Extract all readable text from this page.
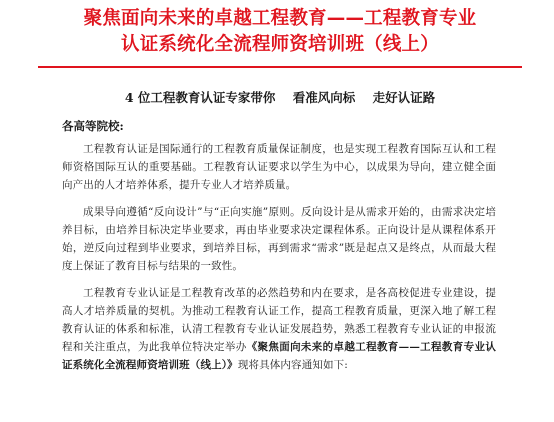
聚焦面向未来的卓越工程教育——工程教育专业
认证系统化全流程师资培训班（线上）
4 位工程教育认证专家带你    看准风向标    走好认证路
各高等院校:

工程教育认证是国际通行的工程教育质量保证制度，也是实现工程教育国际互认和工程师资格国际互认的重要基础。工程教育认证要求以学生为中心，以成果为导向，建立健全面向产出的人才培养体系，提升专业人才培养质量。

成果导向遵循“反向设计”与“正向实施”原则。反向设计是从需求开始的，由需求决定培养目标，由培养目标决定毕业要求，再由毕业要求决定课程体系。正向设计是从课程体系开始，逆反向过程到毕业要求，到培养目标，再到需求“需求”既是起点又是终点，从而最大程度上保证了教育目标与结果的一致性。

工程教育专业认证是工程教育改革的必然趋势和内在要求，是各高校促进专业建设，提高人才培养质量的契机。为推动工程教育认证工作，提高工程教育质量，更深入地了解工程教育认证的体系和标准，认清工程教育专业认证发展趋势，熟悉工程教育专业认证的申报流程和关注重点，为此我单位特决定举办《聚焦面向未来的卓越工程教育——工程教育专业认证系统化全流程师资培训班（线上）》现将具体内容通知如下:
